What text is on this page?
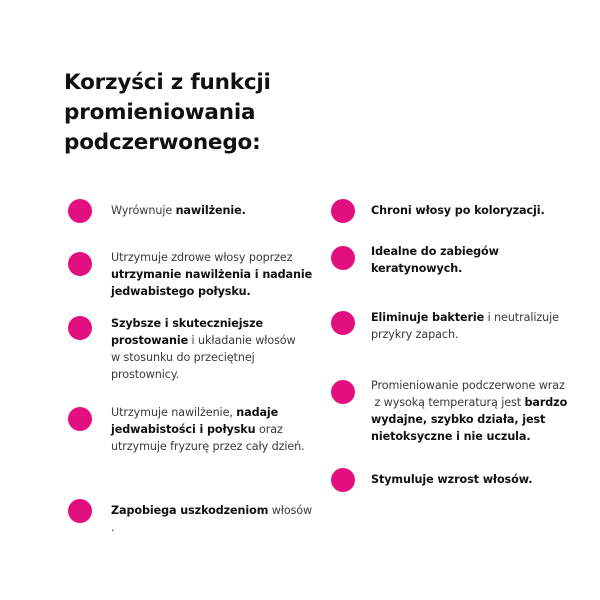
Korzyści z funkcji
promieniowania
podczerwonego:
Wyrównuje nawilżenie.
Utrzymuje zdrowe włosy poprzez
utrzymanie nawilżenia i nadanie
jedwabistego połysku.
Szybsze i skuteczniejsze
prostowanie i układanie włosów
w stosunku do przeciętnej
prostownicy.
Utrzymuje nawilżenie, nadaje
jedwabistości i połysku oraz
utrzymuje fryzurę przez cały dzień.
Zapobiega uszkodzeniom włosów
.
Chroni włosy po koloryzacji.
Idealne do zabiegów
keratynowych.
Eliminuje bakterie i neutralizuje
przykry zapach.
Promieniowanie podczerwone wraz
z wysoką temperaturą jest bardzo
wydajne, szybko działa, jest
nietoksyczne i nie uczula.
Stymuluje wzrost włosów.
